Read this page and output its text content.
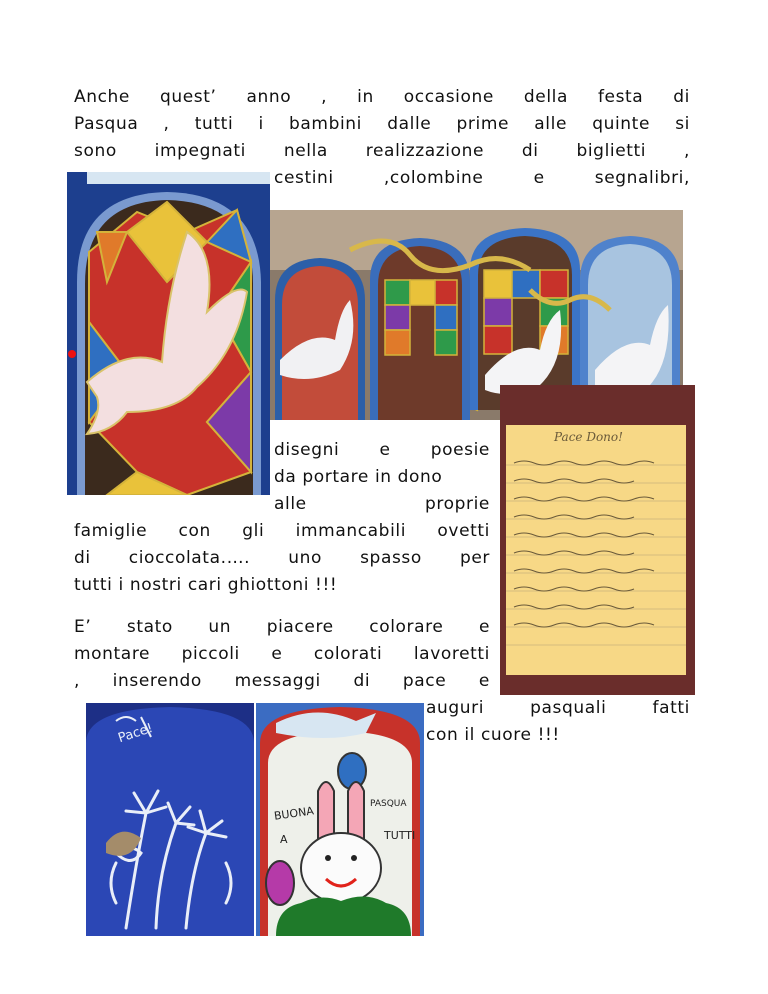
Anche quest’ anno , in occasione della festa di
Pasqua , tutti i bambini dalle prime alle quinte si
sono impegnati nella realizzazione di biglietti ,
cestini ,colombine e segnalibri,
disegni e poesie
da portare in dono
alle proprie
famiglie con gli immancabili ovetti
di cioccolata.…. uno spasso per
tutti i nostri cari ghiottoni !!!
Pace Dono!
E’ stato un piacere colorare e
montare piccoli e colorati lavoretti
, inserendo messaggi di pace e
auguri pasquali fatti
con il cuore !!!
Pace!
BUONA
A
PASQUA
TUTTI
